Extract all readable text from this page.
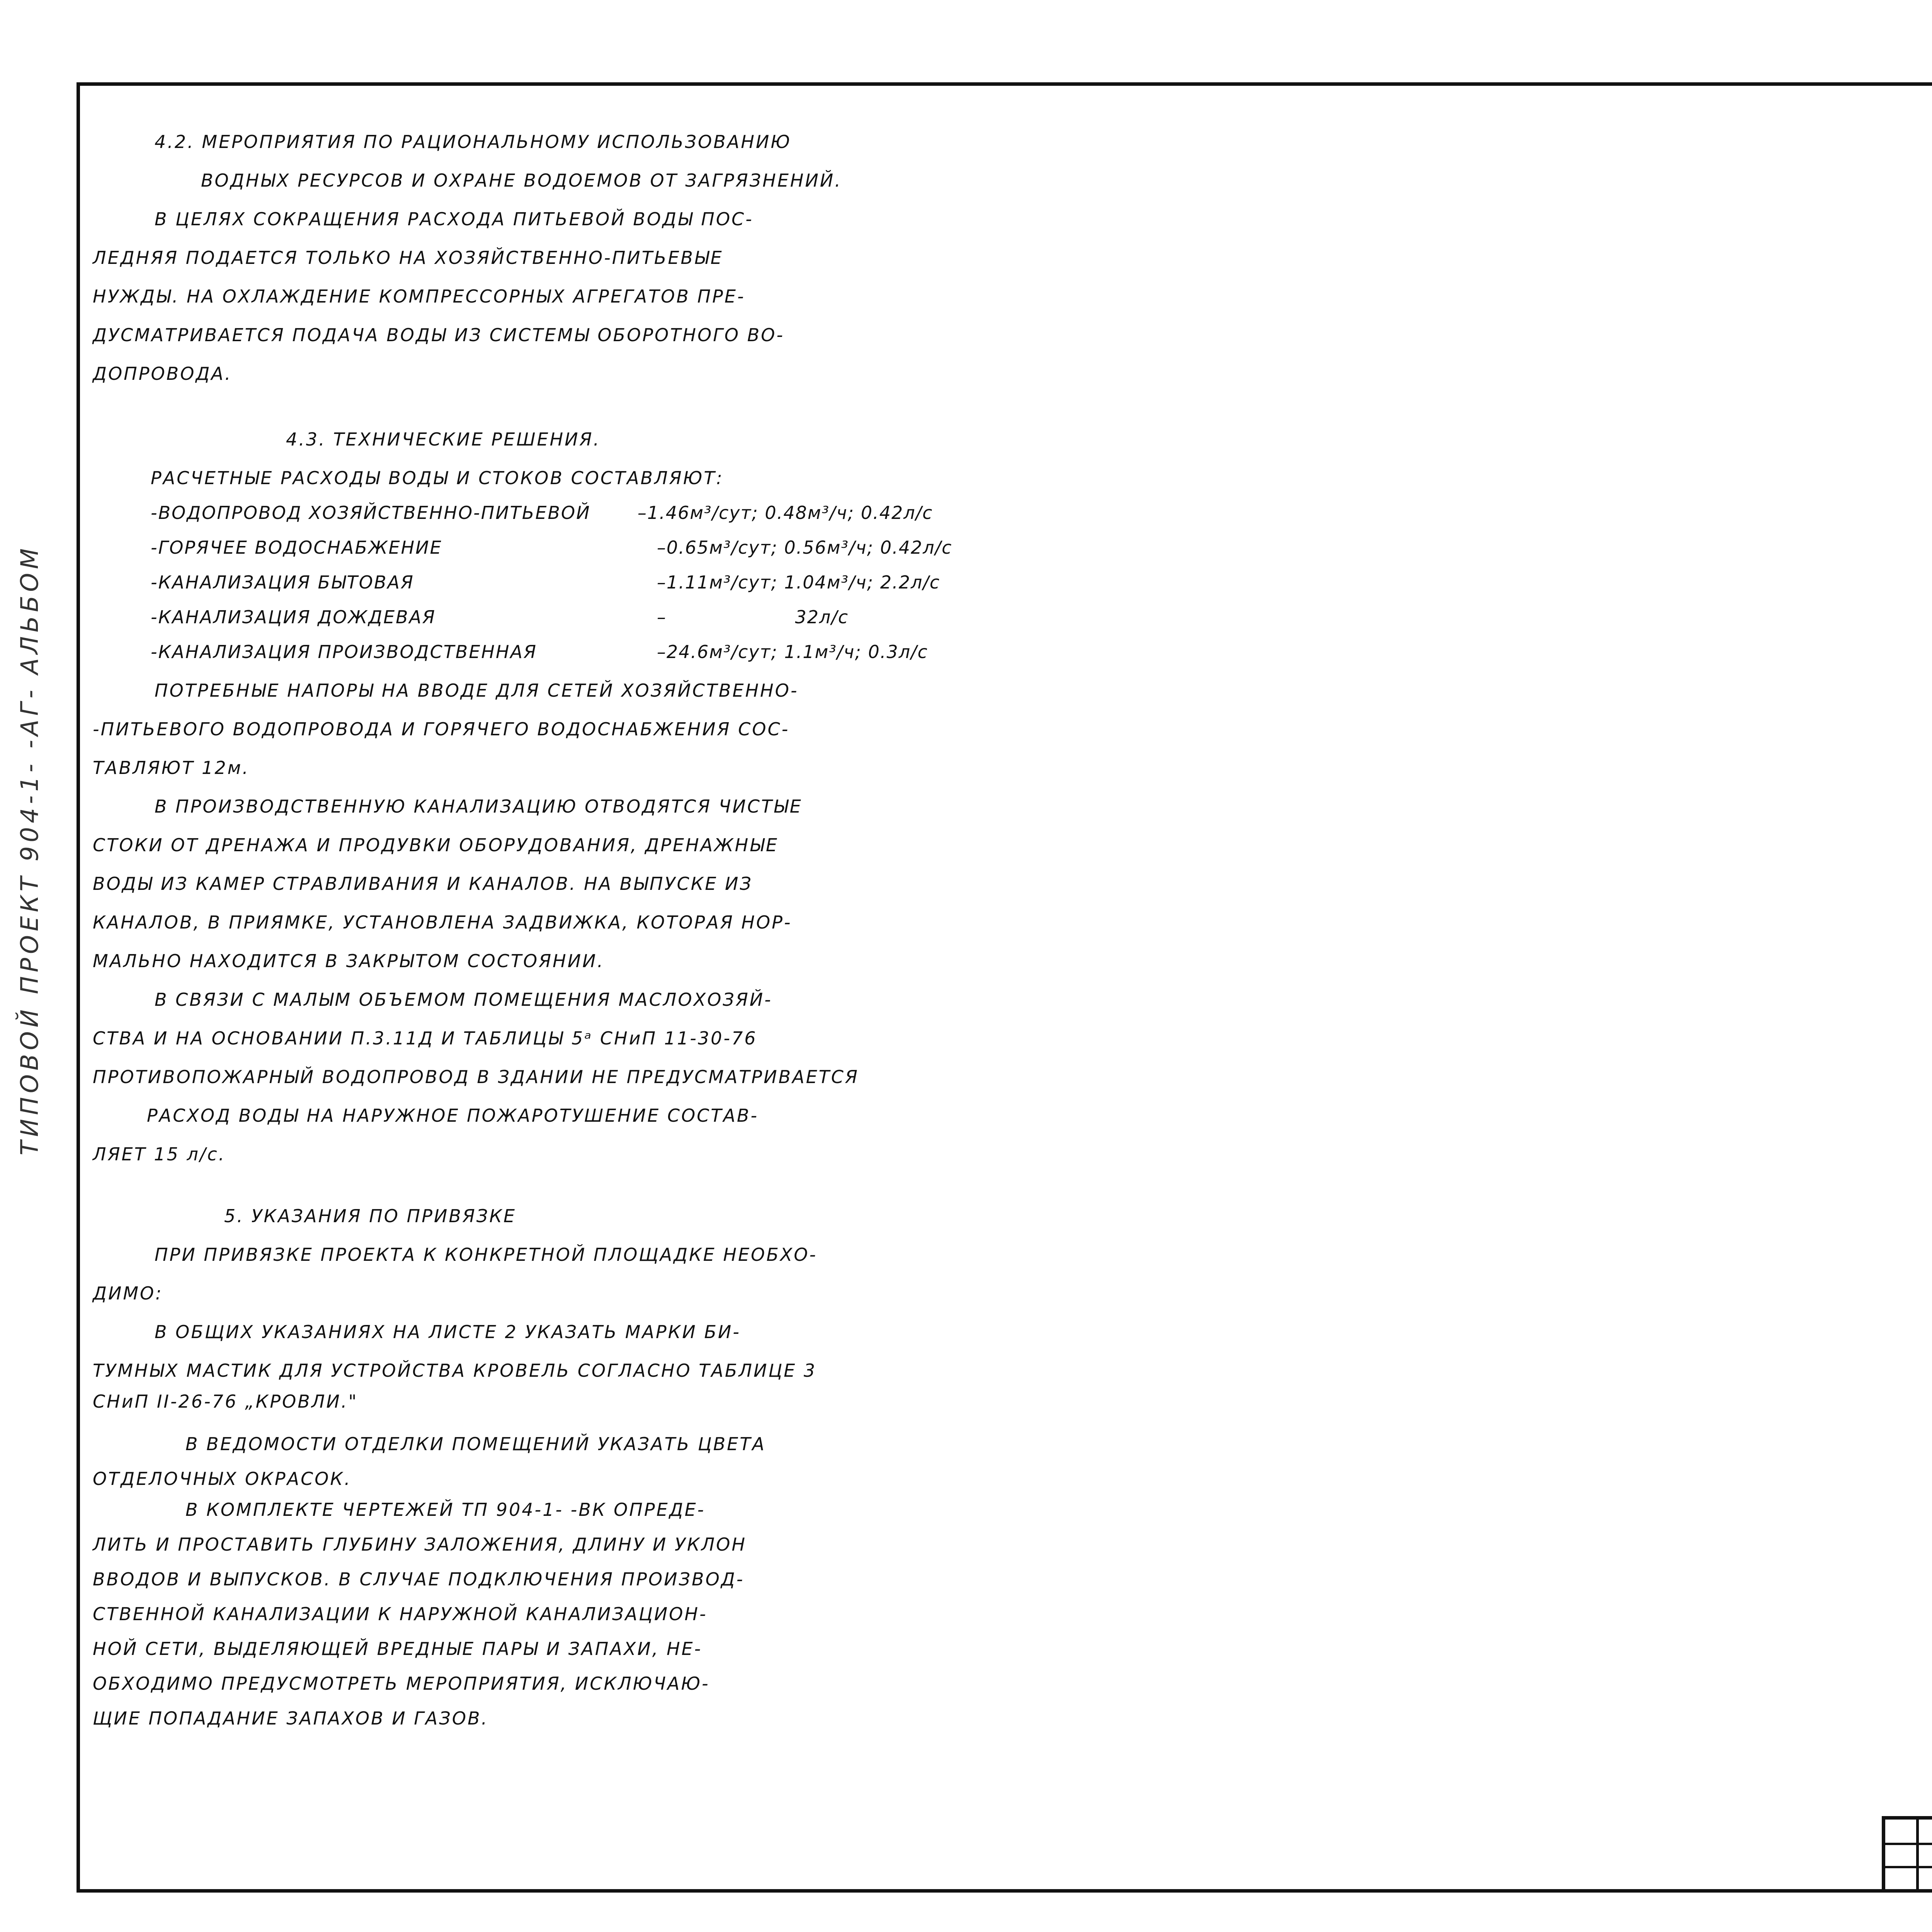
ТИПОВОЙ ПРОЕКТ 904-1- -АГ- АЛЬБОМ
4.2. МЕРОПРИЯТИЯ ПО РАЦИОНАЛЬНОМУ ИСПОЛЬЗОВАНИЮ
ВОДНЫХ РЕСУРСОВ И ОХРАНЕ ВОДОЕМОВ ОТ ЗАГРЯЗНЕНИЙ.
В ЦЕЛЯХ СОКРАЩЕНИЯ РАСХОДА ПИТЬЕВОЙ ВОДЫ ПОС-
ЛЕДНЯЯ ПОДАЕТСЯ ТОЛЬКО НА ХОЗЯЙСТВЕННО-ПИТЬЕВЫЕ
НУЖДЫ. НА ОХЛАЖДЕНИЕ КОМПРЕССОРНЫХ АГРЕГАТОВ ПРЕ-
ДУСМАТРИВАЕТСЯ ПОДАЧА ВОДЫ ИЗ СИСТЕМЫ ОБОРОТНОГО ВО-
ДОПРОВОДА.
4.3. ТЕХНИЧЕСКИЕ РЕШЕНИЯ.
РАСЧЕТНЫЕ РАСХОДЫ ВОДЫ И СТОКОВ СОСТАВЛЯЮТ:
-ВОДОПРОВОД ХОЗЯЙСТВЕННО-ПИТЬЕВОЙ	–1.46м³/сут; 0.48м³/ч; 0.42л/с
-ГОРЯЧЕЕ ВОДОСНАБЖЕНИЕ	–0.65м³/сут; 0.56м³/ч; 0.42л/с
-КАНАЛИЗАЦИЯ БЫТОВАЯ	–1.11м³/сут; 1.04м³/ч; 2.2л/с
-КАНАЛИЗАЦИЯ ДОЖДЕВАЯ	–                    32л/с
-КАНАЛИЗАЦИЯ ПРОИЗВОДСТВЕННАЯ	–24.6м³/сут; 1.1м³/ч; 0.3л/с
ПОТРЕБНЫЕ НАПОРЫ НА ВВОДЕ ДЛЯ СЕТЕЙ ХОЗЯЙСТВЕННО-
-ПИТЬЕВОГО ВОДОПРОВОДА И ГОРЯЧЕГО ВОДОСНАБЖЕНИЯ СОС-
ТАВЛЯЮТ 12м.
В ПРОИЗВОДСТВЕННУЮ КАНАЛИЗАЦИЮ ОТВОДЯТСЯ ЧИСТЫЕ
СТОКИ ОТ ДРЕНАЖА И ПРОДУВКИ ОБОРУДОВАНИЯ, ДРЕНАЖНЫЕ
ВОДЫ ИЗ КАМЕР СТРАВЛИВАНИЯ И КАНАЛОВ. НА ВЫПУСКЕ ИЗ
КАНАЛОВ, В ПРИЯМКЕ, УСТАНОВЛЕНА ЗАДВИЖКА, КОТОРАЯ НОР-
МАЛЬНО НАХОДИТСЯ В ЗАКРЫТОМ СОСТОЯНИИ.
В СВЯЗИ С МАЛЫМ ОБЪЕМОМ ПОМЕЩЕНИЯ МАСЛОХОЗЯЙ-
СТВА И НА ОСНОВАНИИ П.3.11Д И ТАБЛИЦЫ 5ᵃ СНиП 11-30-76
ПРОТИВОПОЖАРНЫЙ ВОДОПРОВОД В ЗДАНИИ НЕ ПРЕДУСМАТРИВАЕТСЯ
РАСХОД ВОДЫ НА НАРУЖНОЕ ПОЖАРОТУШЕНИЕ СОСТАВ-
ЛЯЕТ 15 л/с.
5. УКАЗАНИЯ ПО ПРИВЯЗКЕ
ПРИ ПРИВЯЗКЕ ПРОЕКТА К КОНКРЕТНОЙ ПЛОЩАДКЕ НЕОБХО-
ДИМО:
В ОБЩИХ УКАЗАНИЯХ НА ЛИСТЕ 2 УКАЗАТЬ МАРКИ БИ-
ТУМНЫХ МАСТИК ДЛЯ УСТРОЙСТВА КРОВЕЛЬ СОГЛАСНО ТАБЛИЦЕ 3
СНиП II-26-76 „КРОВЛИ."
В ВЕДОМОСТИ ОТДЕЛКИ ПОМЕЩЕНИЙ УКАЗАТЬ ЦВЕТА
ОТДЕЛОЧНЫХ ОКРАСОК.
В КОМПЛЕКТЕ ЧЕРТЕЖЕЙ ТП 904-1- -ВК ОПРЕДЕ-
ЛИТЬ И ПРОСТАВИТЬ ГЛУБИНУ ЗАЛОЖЕНИЯ, ДЛИНУ И УКЛОН
ВВОДОВ И ВЫПУСКОВ. В СЛУЧАЕ ПОДКЛЮЧЕНИЯ ПРОИЗВОД-
СТВЕННОЙ КАНАЛИЗАЦИИ К НАРУЖНОЙ КАНАЛИЗАЦИОН-
НОЙ СЕТИ, ВЫДЕЛЯЮЩЕЙ ВРЕДНЫЕ ПАРЫ И ЗАПАХИ, НЕ-
ОБХОДИМО ПРЕДУСМОТРЕТЬ МЕРОПРИЯТИЯ, ИСКЛЮЧАЮ-
ЩИЕ ПОПАДАНИЕ ЗАПАХОВ И ГАЗОВ.
